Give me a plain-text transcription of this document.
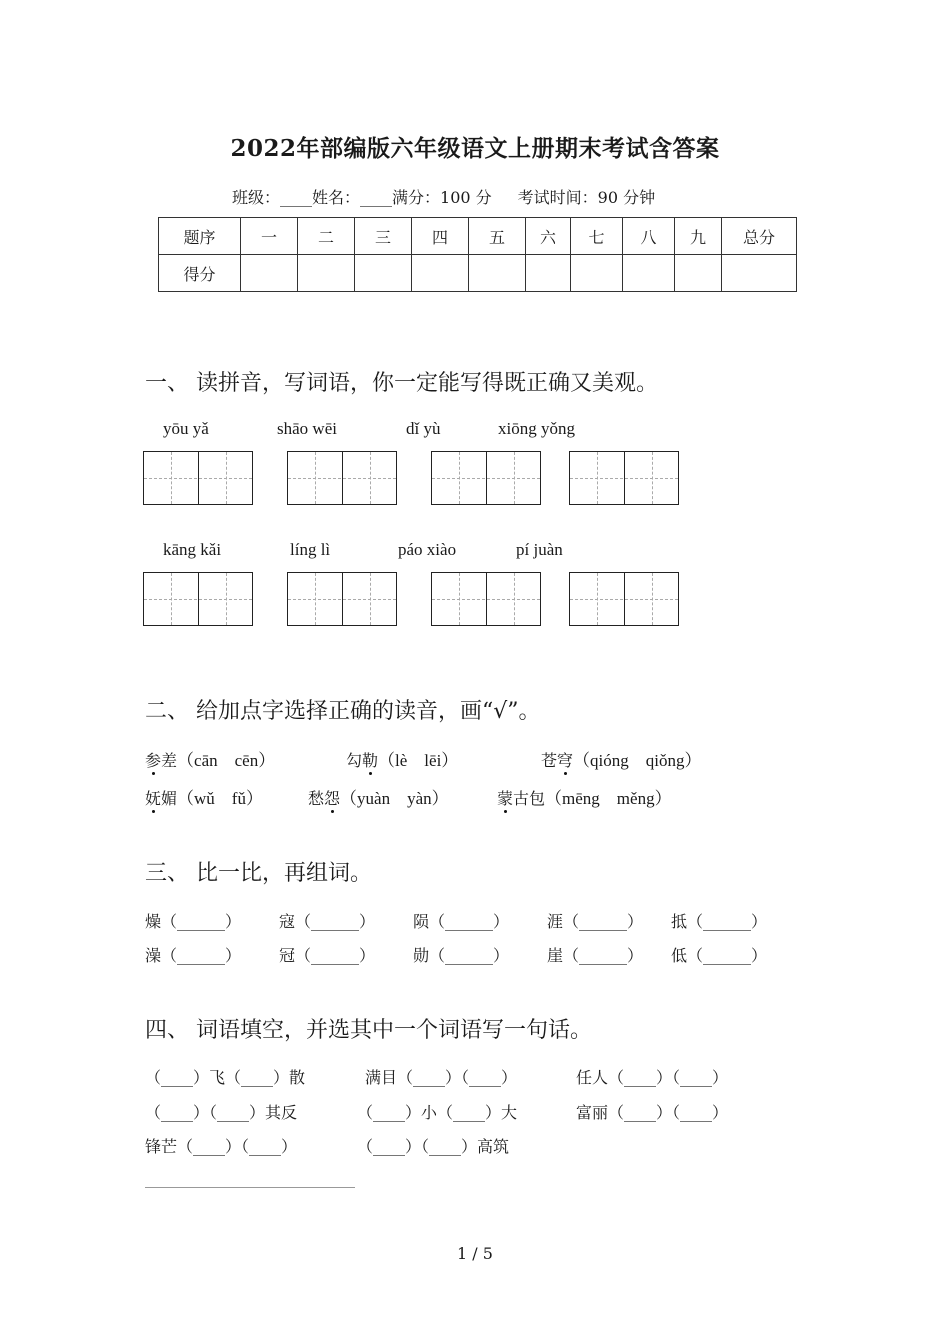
2022年部编版六年级语文上册期末考试含答案
班级：____姓名：____满分：100 分 考试时间：90 分钟
题序	一	二	三	四	五	六	七	八	九	总分
得分										
一、 读拼音，写词语，你一定能写得既正确又美观。
yōu yǎ	shāo wēi	dǐ yù	xiōng yǒng
kāng kǎi	líng lì	páo xiào	pí juàn
二、 给加点字选择正确的读音，画“√”。
参差（cān　cēn）	勾勒（lè　lēi）	苍穹（qióng　qiǒng）
妩媚（wǔ　fǔ）	愁怨（yuàn　yàn）	蒙古包（mēng　měng）
三、 比一比，再组词。
燥（______） 寇（______） 陨（______） 涯（______） 抵（______）
澡（______） 冠（______） 勋（______） 崖（______） 低（______）
四、 词语填空，并选其中一个词语写一句话。
（____）飞（____）散	满目（____）（____）	任人（____）（____）
（____）（____）其反	（____）小（____）大	富丽（____）（____）
锋芒（____）（____）	（____）（____）高筑
1 / 5
